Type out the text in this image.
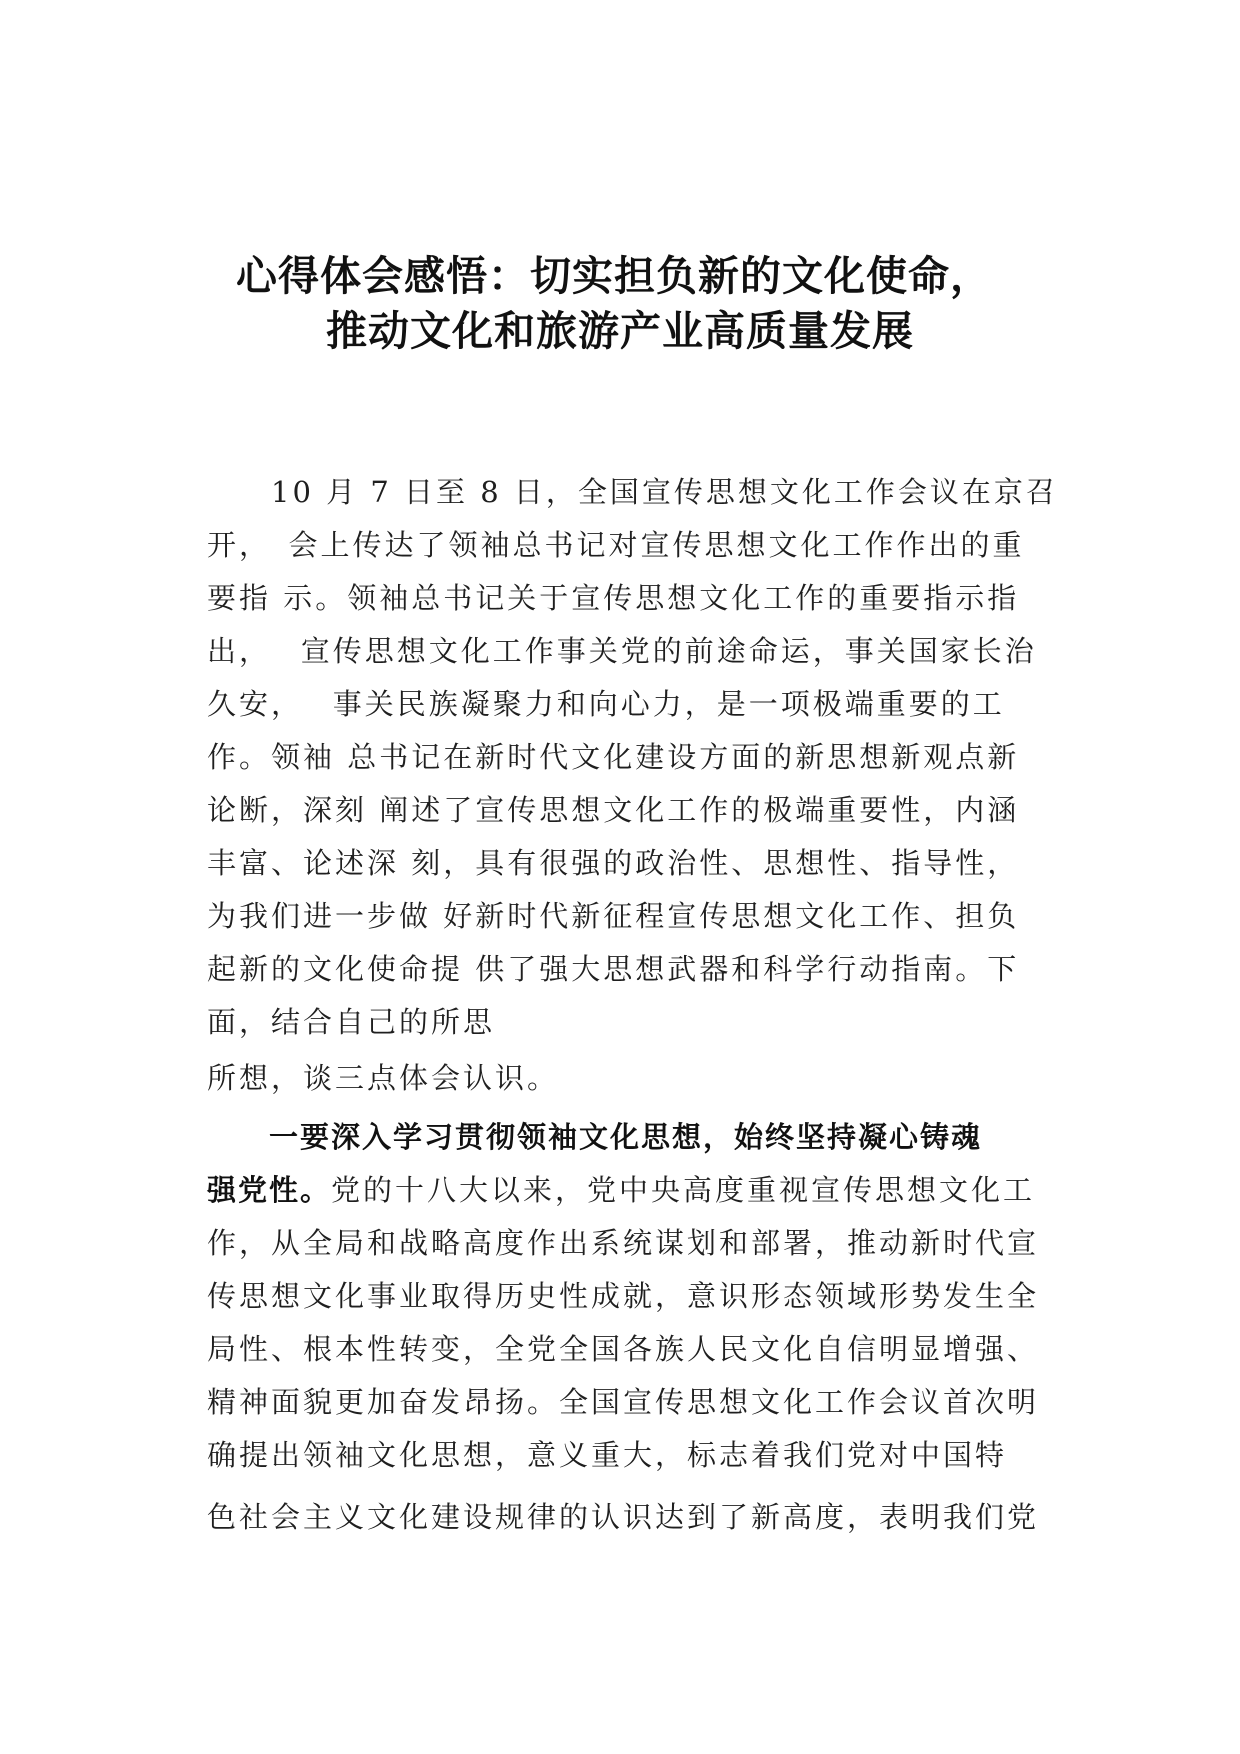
心得体会感悟：切实担负新的文化使命，
推动文化和旅游产业高质量发展
　　10 月 7 日至 8 日，全国宣传思想文化工作会议在京召
开，　会上传达了领袖总书记对宣传思想文化工作作出的重
要指 示。领袖总书记关于宣传思想文化工作的重要指示指
出，　 宣传思想文化工作事关党的前途命运，事关国家长治
久安，　 事关民族凝聚力和向心力，是一项极端重要的工
作。领袖 总书记在新时代文化建设方面的新思想新观点新
论断，深刻 阐述了宣传思想文化工作的极端重要性，内涵
丰富、论述深 刻，具有很强的政治性、思想性、指导性，
为我们进一步做 好新时代新征程宣传思想文化工作、担负
起新的文化使命提 供了强大思想武器和科学行动指南。下
面，结合自己的所思
所想，谈三点体会认识。
　　一要深入学习贯彻领袖文化思想，始终坚持凝心铸魂
强党性。党的十八大以来，党中央高度重视宣传思想文化工
作，从全局和战略高度作出系统谋划和部署，推动新时代宣
传思想文化事业取得历史性成就，意识形态领域形势发生全
局性、根本性转变，全党全国各族人民文化自信明显增强、
精神面貌更加奋发昂扬。全国宣传思想文化工作会议首次明
确提出领袖文化思想，意义重大，标志着我们党对中国特
色社会主义文化建设规律的认识达到了新高度，表明我们党
